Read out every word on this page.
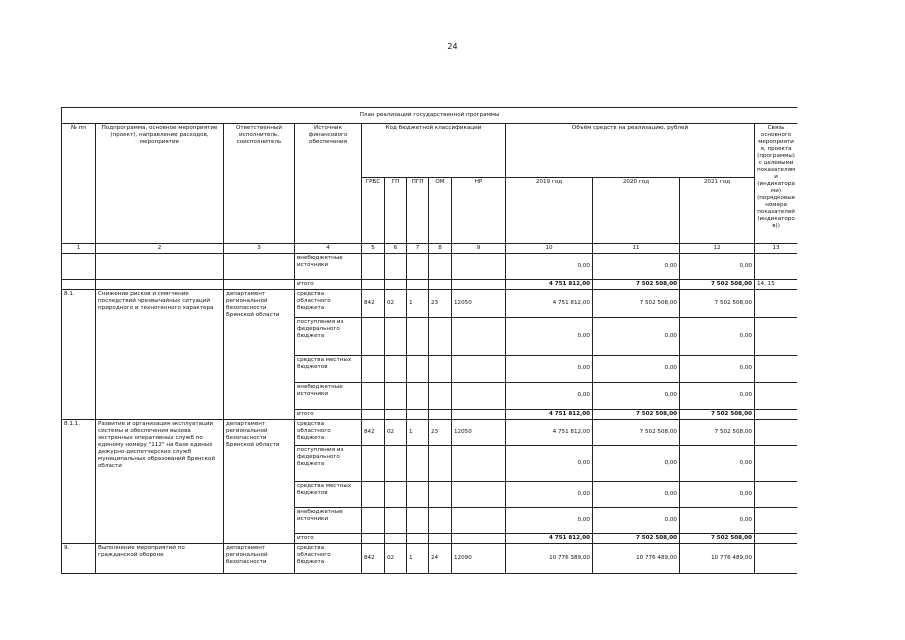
24
План реализации государственной программы												
№ пп	Подпрограмма, основное мероприятие (проект), направление расходов, мероприятие	Ответственный исполнитель, соисполнитель	Источник финансового обеспечения	Код бюджетной классификации					Объём средств на реализацию, рублей			Связь основного мероприятия, проекта (программы) с целевыми показателями (индикаторами) (порядковые номера показателей (индикаторов))
				ГРБС	ГП	ПГП	ОМ	НР	2019 год	2020 год	2021 год	
1	2	3	4	5	6	7	8	9	10	11	12	13
			внебюджетные источники						0,00	0,00	0,00	
			итого						4 751 812,00	7 502 508,00	7 502 508,00	14, 15
8.1.	Снижение рисков и смягчение последствий чрезвычайных ситуаций природного и техногенного характера	департамент региональной безопасности Брянской области	средства областного бюджета	842	02	1	23	12050	4 751 812,00	7 502 508,00	7 502 508,00	
			поступления из федерального бюджета						0,00	0,00	0,00	
			средства местных бюджетов						0,00	0,00	0,00	
			внебюджетные источники						0,00	0,00	0,00	
			итого						4 751 812,00	7 502 508,00	7 502 508,00	
8.1.1.	Развитие и организация эксплуатации системы и обеспечения вызова экстренных оперативных служб по единому номеру "112" на базе единых дежурно-диспетчерских служб муниципальных образований Брянской области	департамент региональной безопасности Брянской области	средства областного бюджета	842	02	1	23	12050	4 751 812,00	7 502 508,00	7 502 508,00	
			поступления из федерального бюджета						0,00	0,00	0,00	
			средства местных бюджетов						0,00	0,00	0,00	
			внебюджетные источники						0,00	0,00	0,00	
			итого						4 751 812,00	7 502 508,00	7 502 508,00	
9.	Выполнение мероприятий по гражданской обороне	департамент региональной безопасности	средства областного бюджета	842	02	1	24	12090	10 776 389,00	10 776 489,00	10 776 489,00	
